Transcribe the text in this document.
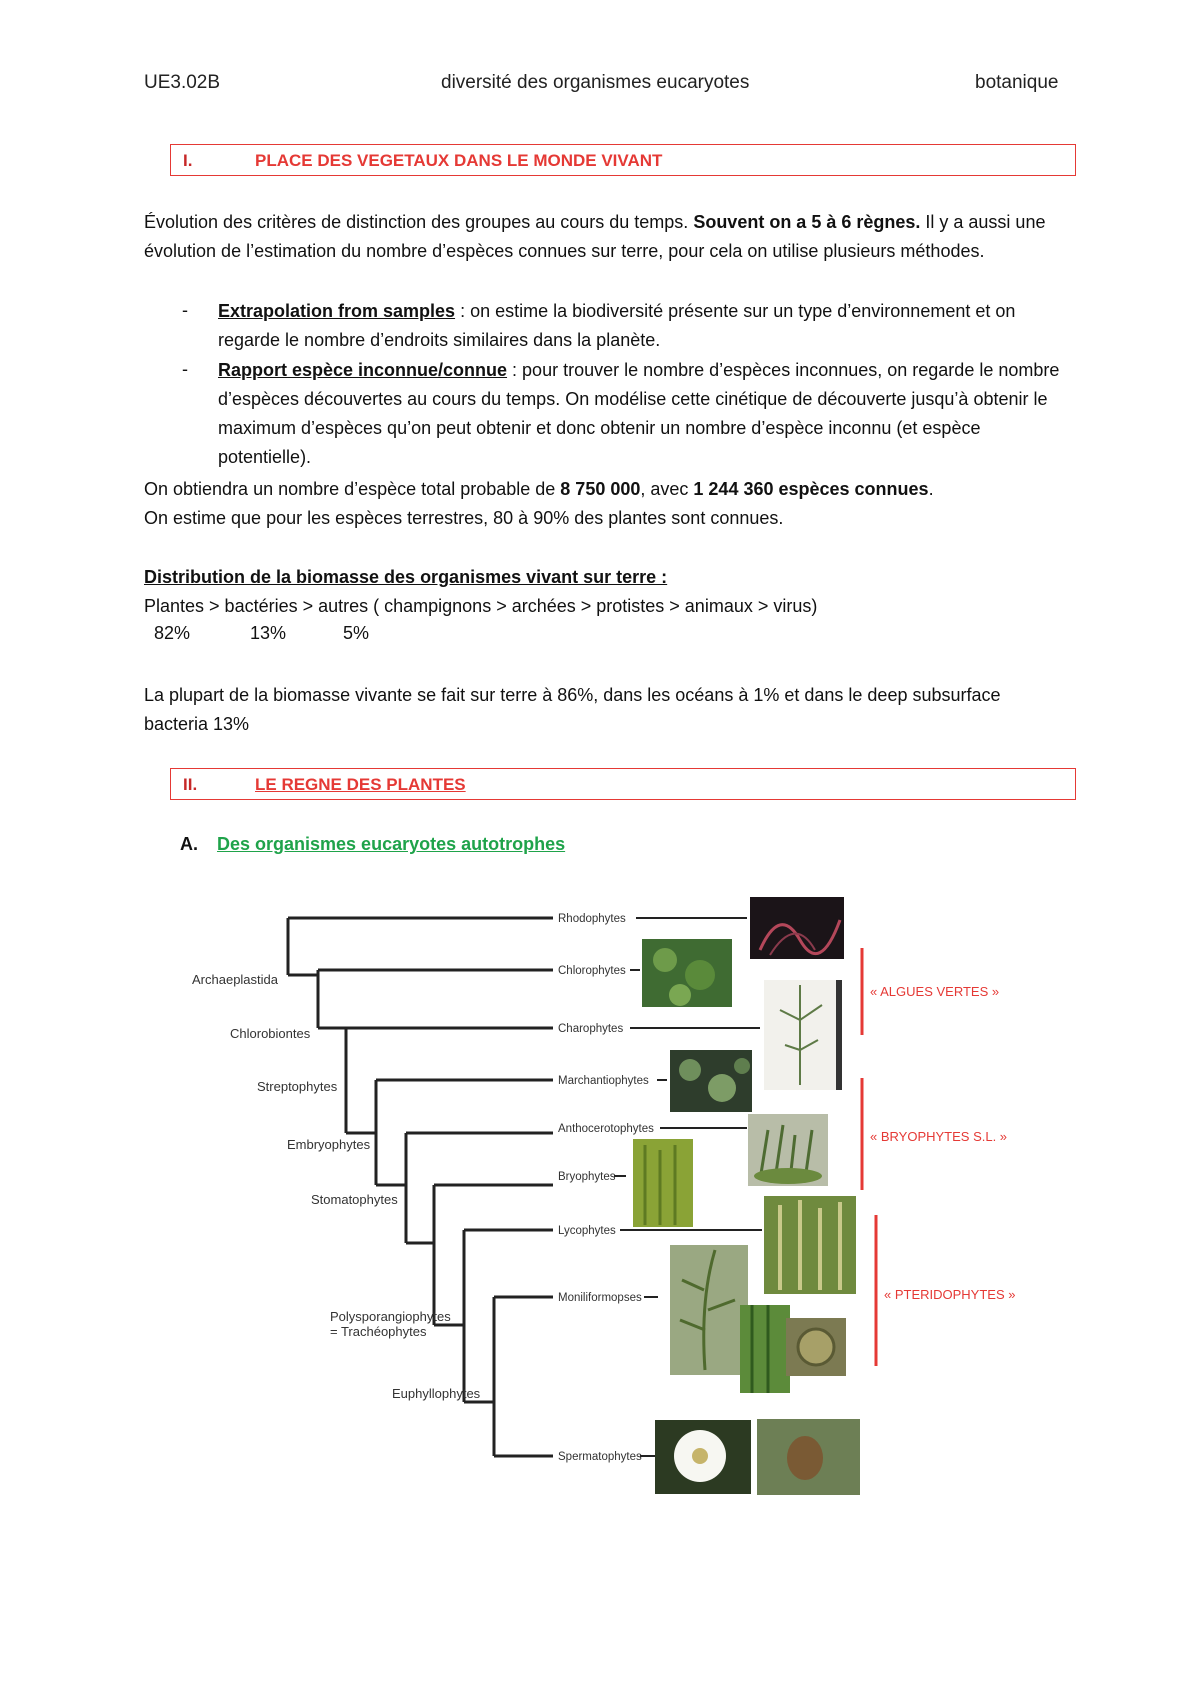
UE3.02B	diversité des organismes eucaryotes	botanique
I.	PLACE DES VEGETAUX DANS LE MONDE VIVANT
Évolution des critères de distinction des groupes au cours du temps. Souvent on a 5 à 6 règnes. Il y a aussi une évolution de l’estimation du nombre d’espèces connues sur terre, pour cela on utilise plusieurs méthodes.
- Extrapolation from samples : on estime la biodiversité présente sur un type d’environnement et on regarde le nombre d’endroits similaires dans la planète.
- Rapport espèce inconnue/connue : pour trouver le nombre d’espèces inconnues, on regarde le nombre d’espèces découvertes au cours du temps. On modélise cette cinétique de découverte jusqu’à obtenir le maximum d’espèces qu’on peut obtenir et donc obtenir un nombre d’espèce inconnu (et espèce potentielle).
On obtiendra un nombre d’espèce total probable de 8 750 000, avec 1 244 360 espèces connues.
On estime que pour les espèces terrestres, 80 à 90% des plantes sont connues.
Distribution de la biomasse des organismes vivant sur terre :
Plantes > bactéries > autres ( champignons > archées > protistes > animaux > virus)
82%	13%	5%
La plupart de la biomasse vivante se fait sur terre à 86%, dans les océans à 1% et dans le deep subsurface bacteria 13%
II.	LE REGNE DES PLANTES
A. Des organismes eucaryotes autotrophes
Archaeplastida
Chlorobiontes
Streptophytes
Embryophytes
Stomatophytes
Polysporangiophytes
= Trachéophytes
Euphyllophytes
Rhodophytes
Chlorophytes
Charophytes
Marchantiophytes
Anthocerotophytes
Bryophytes
Lycophytes
Moniliformopses
Spermatophytes
« ALGUES VERTES »
« BRYOPHYTES S.L. »
« PTERIDOPHYTES »
